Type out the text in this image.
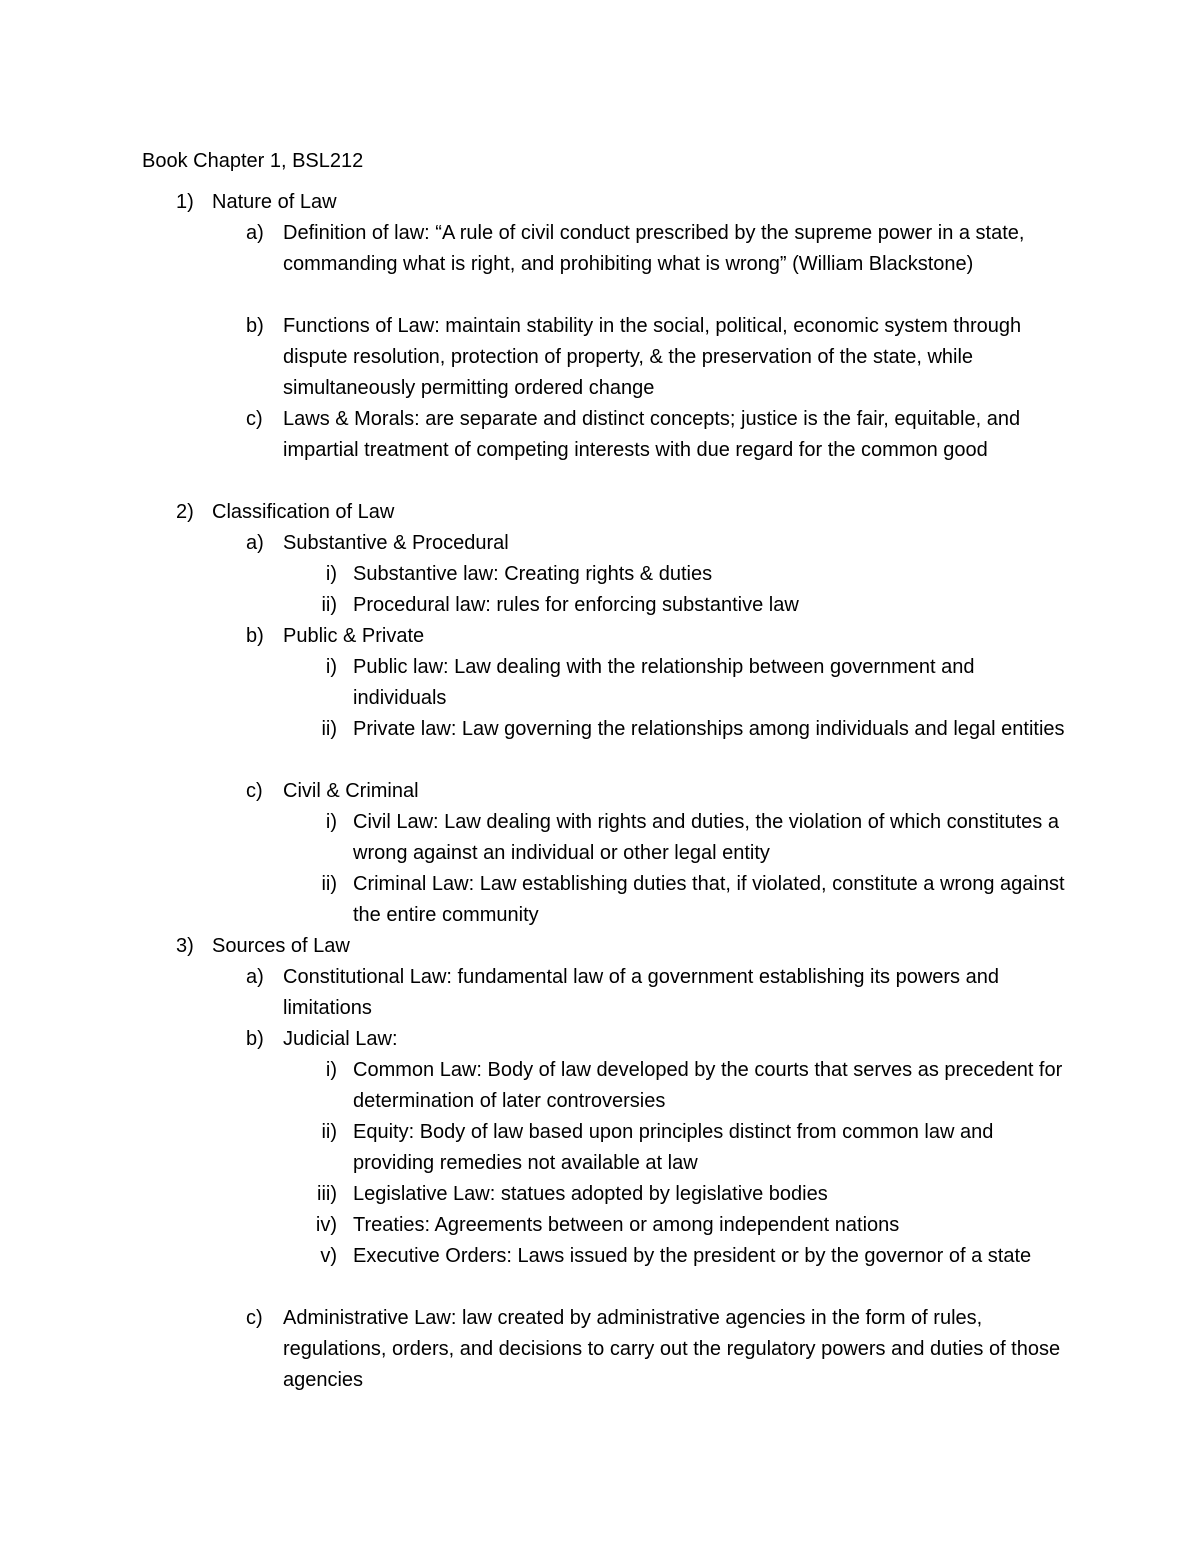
Book Chapter 1, BSL212
1) Nature of Law
a) Definition of law: “A rule of civil conduct prescribed by the supreme power in a state, commanding what is right, and prohibiting what is wrong” (William Blackstone)
b) Functions of Law: maintain stability in the social, political, economic system through dispute resolution, protection of property, & the preservation of the state, while simultaneously permitting ordered change
c) Laws & Morals: are separate and distinct concepts; justice is the fair, equitable, and impartial treatment of competing interests with due regard for the common good
2) Classification of Law
a) Substantive & Procedural
i) Substantive law: Creating rights & duties
ii) Procedural law: rules for enforcing substantive law
b) Public & Private
i) Public law: Law dealing with the relationship between government and individuals
ii) Private law: Law governing the relationships among individuals and legal entities
c) Civil & Criminal
i) Civil Law: Law dealing with rights and duties, the violation of which constitutes a wrong against an individual or other legal entity
ii) Criminal Law: Law establishing duties that, if violated, constitute a wrong against the entire community
3) Sources of Law
a) Constitutional Law: fundamental law of a government establishing its powers and limitations
b) Judicial Law:
i) Common Law: Body of law developed by the courts that serves as precedent for determination of later controversies
ii) Equity: Body of law based upon principles distinct from common law and providing remedies not available at law
iii) Legislative Law: statues adopted by legislative bodies
iv) Treaties: Agreements between or among independent nations
v) Executive Orders: Laws issued by the president or by the governor of a state
c) Administrative Law: law created by administrative agencies in the form of rules, regulations, orders, and decisions to carry out the regulatory powers and duties of those agencies
